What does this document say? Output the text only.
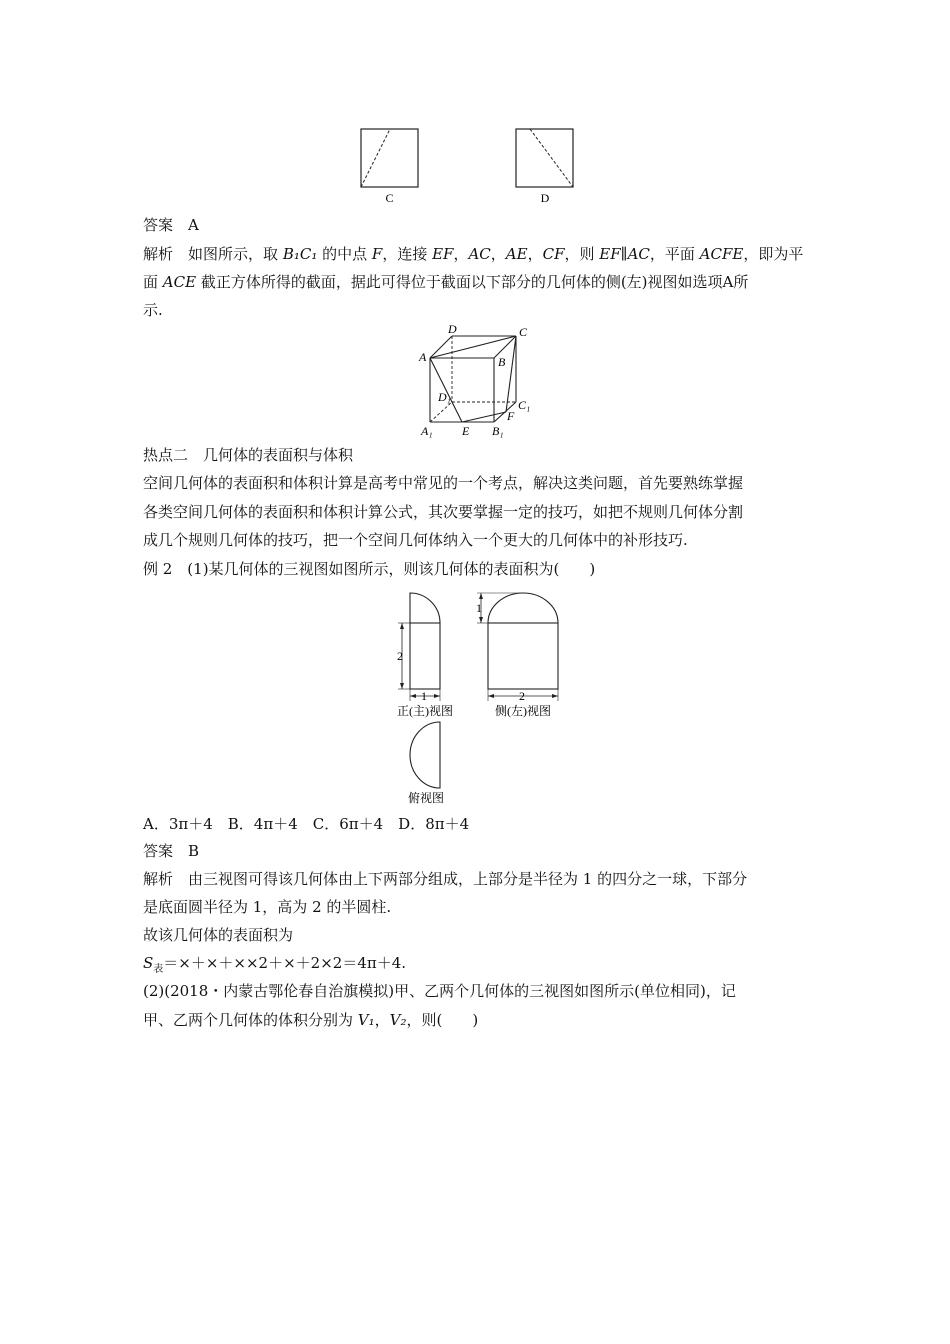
C	D
答案　 A
解析　 如图所示，取 B₁C₁ 的中点 F，连接 EF，AC，AE，CF，则 EF∥AC，平面 ACFE，即为平
面 ACE 截正方体所得的截面，据此可得位于截面以下部分的几何体的侧(左)视图如选项A所
示.
D	C
A	B
D₁
C₁
F
A₁ E B₁
热点二　几何体的表面积与体积
空间几何体的表面积和体积计算是高考中常见的一个考点，解决这类问题，首先要熟练掌握
各类空间几何体的表面积和体积计算公式，其次要掌握一定的技巧，如把不规则几何体分割
成几个规则几何体的技巧，把一个空间几何体纳入一个更大的几何体中的补形技巧.
例 2　(1)某几何体的三视图如图所示，则该几何体的表面积为(　　)
2
1
1
2
正(主)视图	侧(左)视图
俯视图
A．3π＋4　B．4π＋4　C．6π＋4　D．8π＋4
答案　 B
解析　 由三视图可得该几何体由上下两部分组成，上部分是半径为 1 的四分之一球，下部分
是底面圆半径为 1，高为 2 的半圆柱.
故该几何体的表面积为
$S_表=\times+\times+\times\times 2+\times+2\times 2=4\pi+4$.
(2)(2018・内蒙古鄂伦春自治旗模拟)甲、乙两个几何体的三视图如图所示(单位相同)，记
甲、乙两个几何体的体积分别为 V₁，V₂，则(　　)
